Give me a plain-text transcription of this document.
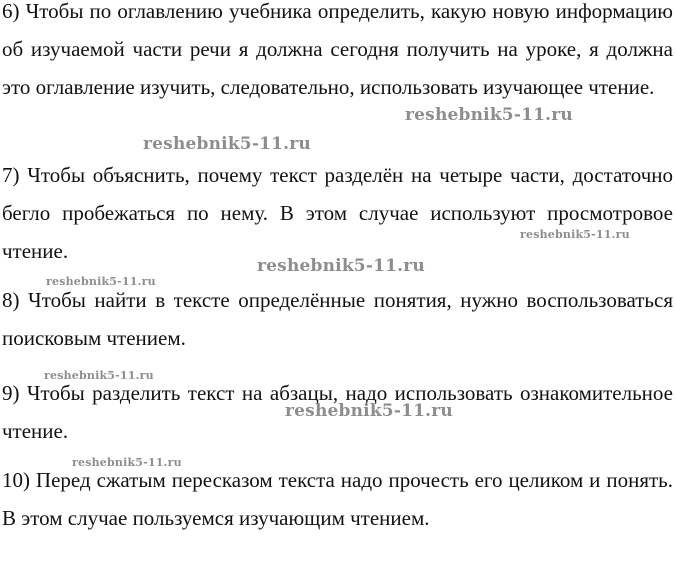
6) Чтобы по оглавлению учебника определить, какую новую информацию об изучаемой части речи я должна сегодня получить на уроке, я должна это оглавление изучить, следовательно, использовать изучающее чтение.

7) Чтобы объяснить, почему текст разделён на четыре части, достаточно бегло пробежаться по нему. В этом случае используют просмотровое чтение.

8) Чтобы найти в тексте определённые понятия, нужно воспользоваться поисковым чтением.

9) Чтобы разделить текст на абзацы, надо использовать ознакомительное чтение.

10) Перед сжатым пересказом текста надо прочесть его целиком и понять. В этом случае пользуемся изучающим чтением.

reshebnik5-11.ru
reshebnik5-11.ru
reshebnik5-11.ru
reshebnik5-11.ru
reshebnik5-11.ru
reshebnik5-11.ru
reshebnik5-11.ru
reshebnik5-11.ru
